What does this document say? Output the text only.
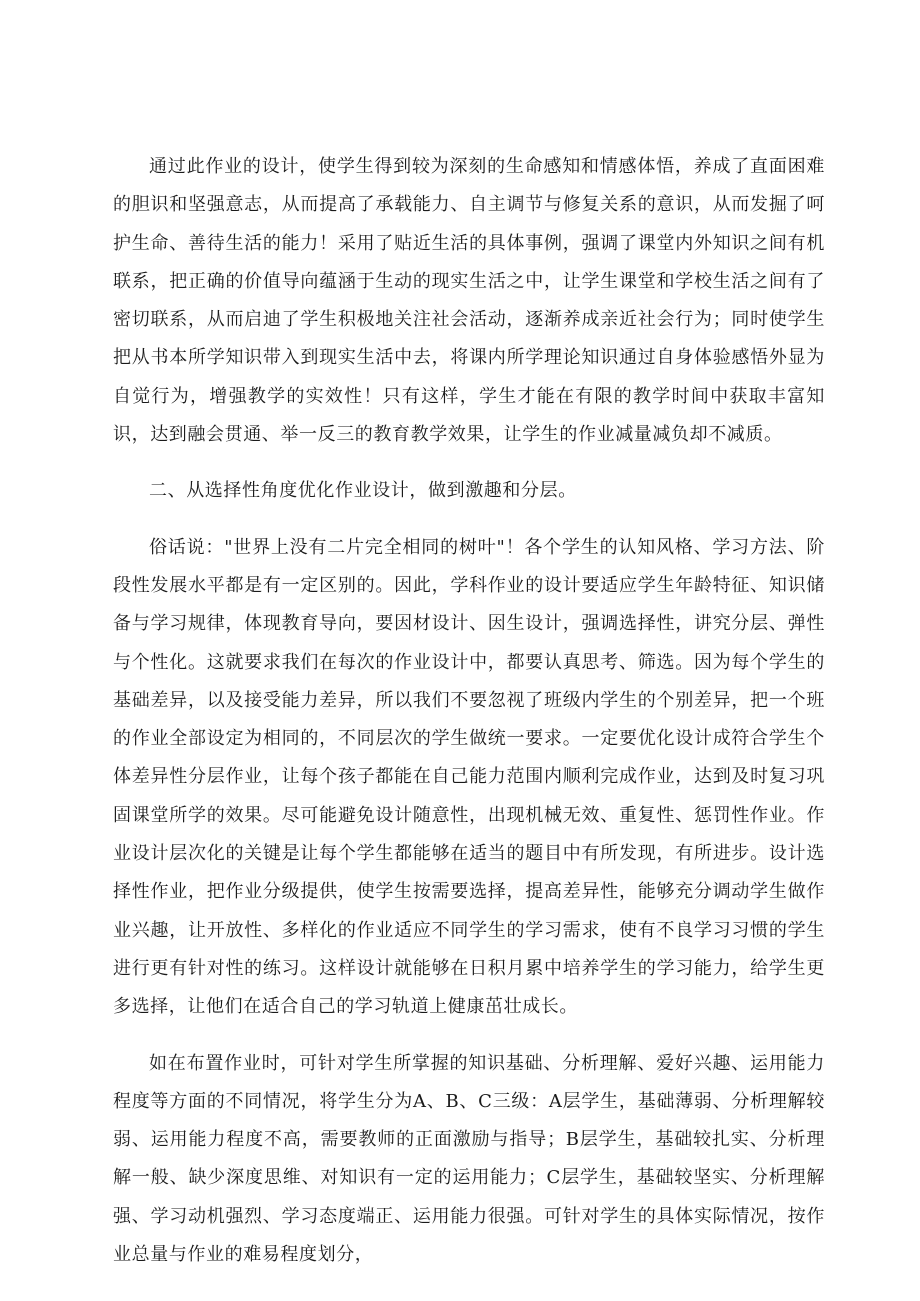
通过此作业的设计，使学生得到较为深刻的生命感知和情感体悟，养成了直面困难的胆识和坚强意志，从而提高了承载能力、自主调节与修复关系的意识，从而发掘了呵护生命、善待生活的能力！采用了贴近生活的具体事例，强调了课堂内外知识之间有机联系，把正确的价值导向蕴涵于生动的现实生活之中，让学生课堂和学校生活之间有了密切联系，从而启迪了学生积极地关注社会活动，逐渐养成亲近社会行为；同时使学生把从书本所学知识带入到现实生活中去，将课内所学理论知识通过自身体验感悟外显为自觉行为，增强教学的实效性！只有这样，学生才能在有限的教学时间中获取丰富知识，达到融会贯通、举一反三的教育教学效果，让学生的作业减量减负却不减质。

二、从选择性角度优化作业设计，做到激趣和分层。

俗话说："世界上没有二片完全相同的树叶"！各个学生的认知风格、学习方法、阶段性发展水平都是有一定区别的。因此，学科作业的设计要适应学生年龄特征、知识储备与学习规律，体现教育导向，要因材设计、因生设计，强调选择性，讲究分层、弹性与个性化。这就要求我们在每次的作业设计中，都要认真思考、筛选。因为每个学生的基础差异，以及接受能力差异，所以我们不要忽视了班级内学生的个别差异，把一个班的作业全部设定为相同的，不同层次的学生做统一要求。一定要优化设计成符合学生个体差异性分层作业，让每个孩子都能在自己能力范围内顺利完成作业，达到及时复习巩固课堂所学的效果。尽可能避免设计随意性，出现机械无效、重复性、惩罚性作业。作业设计层次化的关键是让每个学生都能够在适当的题目中有所发现，有所进步。设计选择性作业，把作业分级提供，使学生按需要选择，提高差异性，能够充分调动学生做作业兴趣，让开放性、多样化的作业适应不同学生的学习需求，使有不良学习习惯的学生进行更有针对性的练习。这样设计就能够在日积月累中培养学生的学习能力，给学生更多选择，让他们在适合自己的学习轨道上健康茁壮成长。

如在布置作业时，可针对学生所掌握的知识基础、分析理解、爱好兴趣、运用能力程度等方面的不同情况，将学生分为A、B、C三级：A层学生，基础薄弱、分析理解较弱、运用能力程度不高，需要教师的正面激励与指导；B层学生，基础较扎实、分析理解一般、缺少深度思维、对知识有一定的运用能力；C层学生，基础较坚实、分析理解强、学习动机强烈、学习态度端正、运用能力很强。可针对学生的具体实际情况，按作业总量与作业的难易程度划分，
